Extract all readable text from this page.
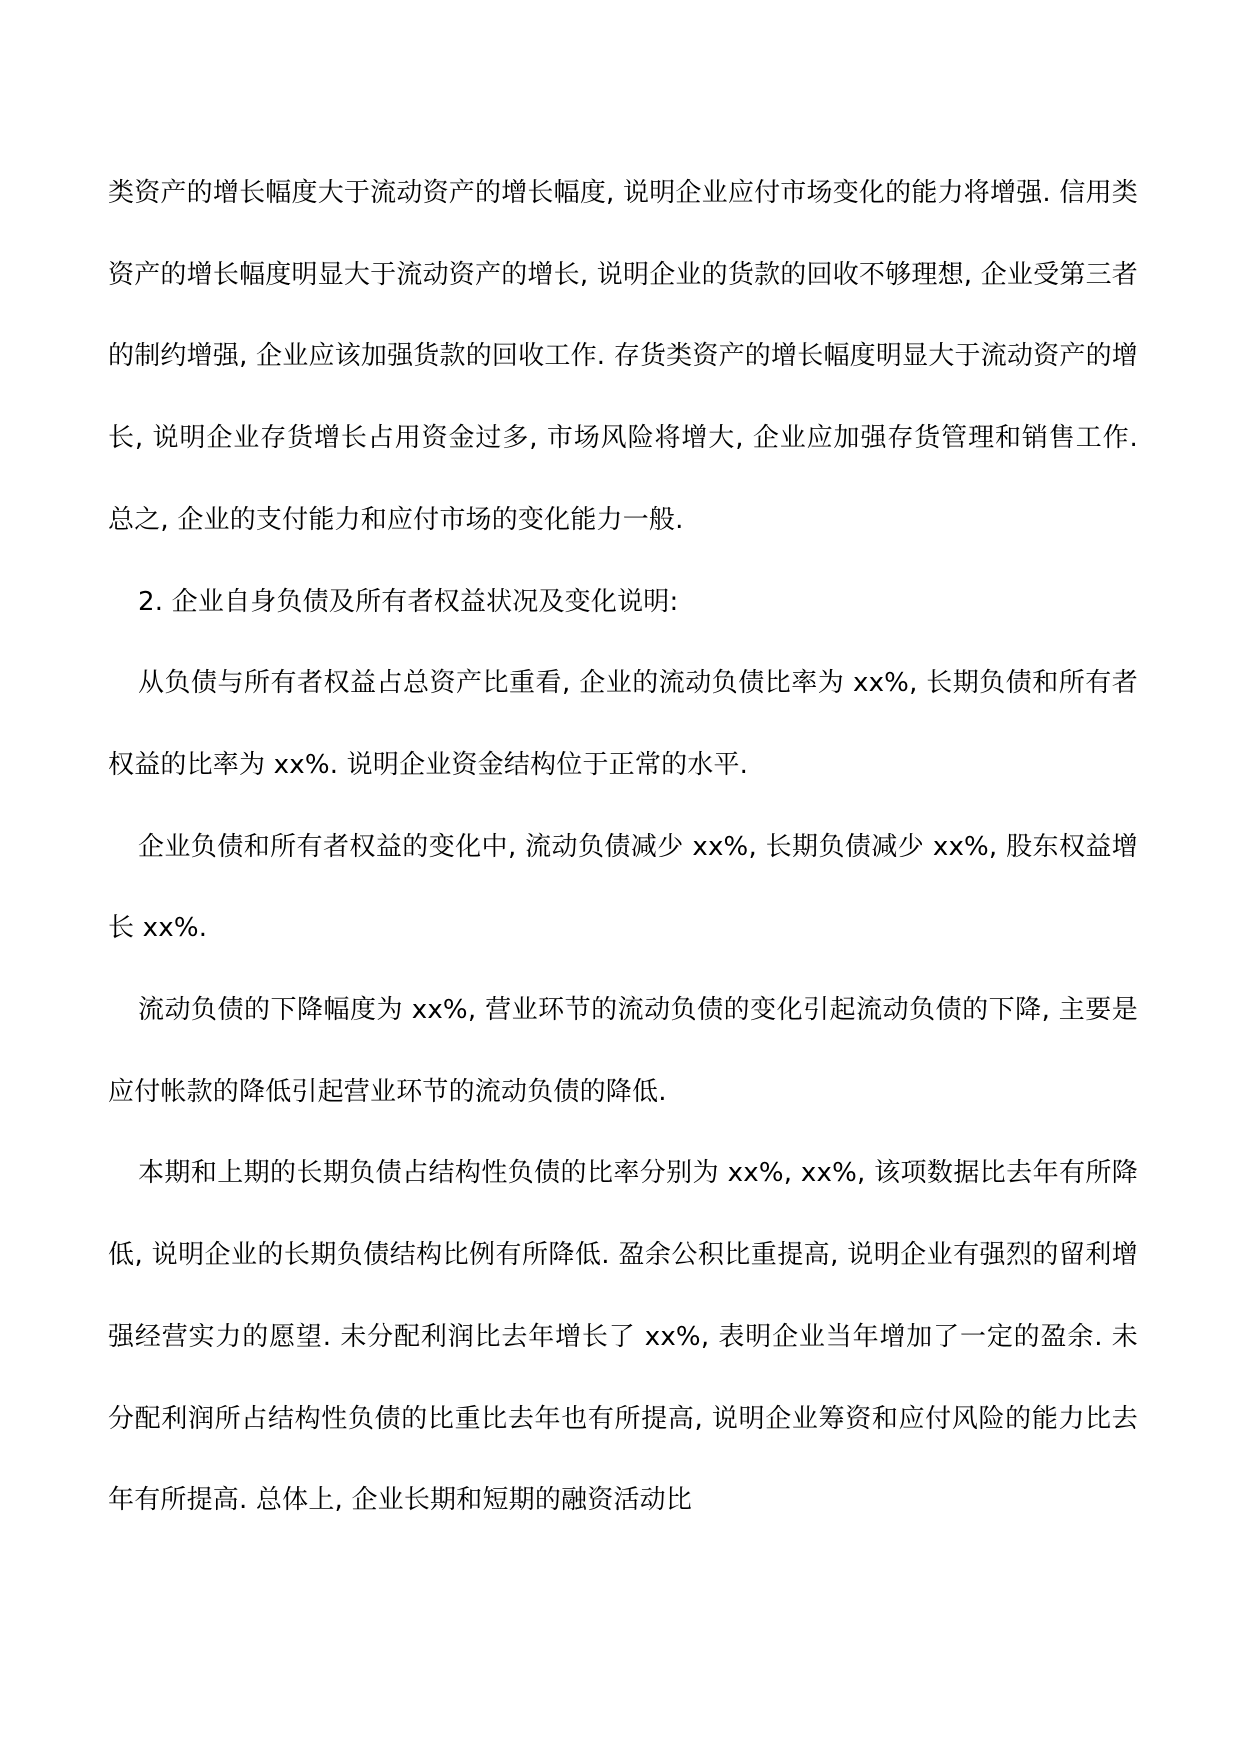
类资产的增长幅度大于流动资产的增长幅度, 说明企业应付市场变化的能力将增强. 信用类资产的增长幅度明显大于流动资产的增长, 说明企业的货款的回收不够理想, 企业受第三者的制约增强, 企业应该加强货款的回收工作. 存货类资产的增长幅度明显大于流动资产的增长, 说明企业存货增长占用资金过多, 市场风险将增大, 企业应加强存货管理和销售工作. 总之, 企业的支付能力和应付市场的变化能力一般.

2. 企业自身负债及所有者权益状况及变化说明:

从负债与所有者权益占总资产比重看, 企业的流动负债比率为 xx%, 长期负债和所有者权益的比率为 xx%. 说明企业资金结构位于正常的水平.

企业负债和所有者权益的变化中, 流动负债减少 xx%, 长期负债减少 xx%, 股东权益增长 xx%.

流动负债的下降幅度为 xx%, 营业环节的流动负债的变化引起流动负债的下降, 主要是应付帐款的降低引起营业环节的流动负债的降低.

本期和上期的长期负债占结构性负债的比率分别为 xx%, xx%, 该项数据比去年有所降低, 说明企业的长期负债结构比例有所降低. 盈余公积比重提高, 说明企业有强烈的留利增强经营实力的愿望. 未分配利润比去年增长了 xx%, 表明企业当年增加了一定的盈余. 未分配利润所占结构性负债的比重比去年也有所提高, 说明企业筹资和应付风险的能力比去年有所提高. 总体上, 企业长期和短期的融资活动比
